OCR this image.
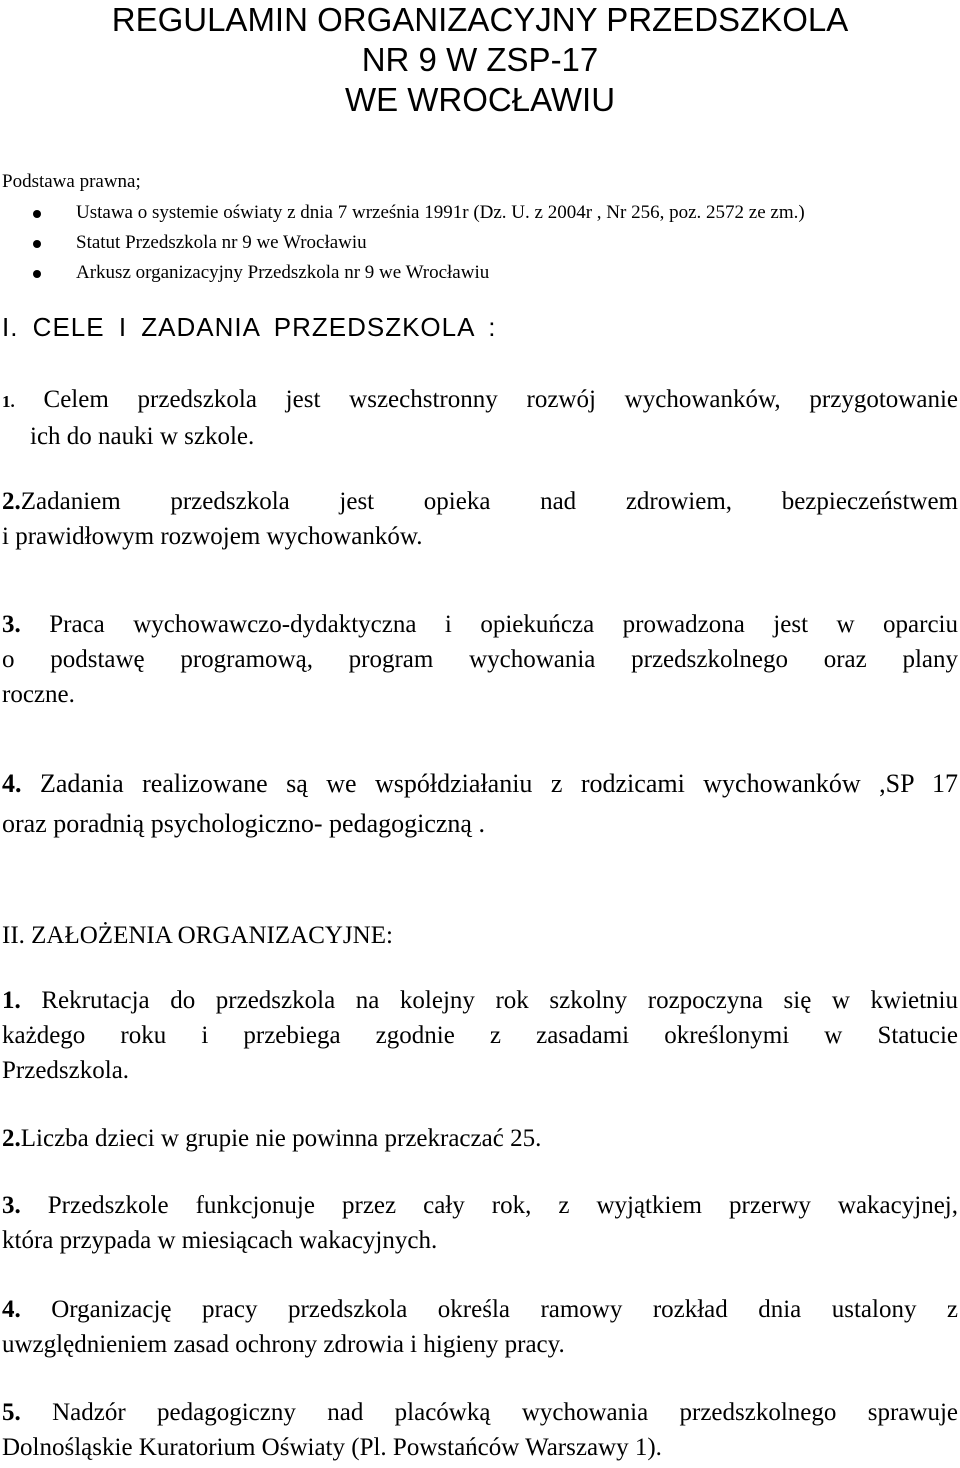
REGULAMIN ORGANIZACYJNY PRZEDSZKOLA
NR 9 W ZSP-17
WE WROCŁAWIU
Podstawa prawna;
Ustawa o systemie oświaty z dnia 7 września 1991r (Dz. U. z 2004r , Nr 256, poz. 2572 ze zm.)
Statut Przedszkola nr 9 we Wrocławiu
Arkusz organizacyjny Przedszkola nr 9 we Wrocławiu
I. CELE I ZADANIA PRZEDSZKOLA :
1. Celem przedszkola jest wszechstronny rozwój wychowanków, przygotowanie
ich do nauki w szkole.
2.Zadaniem przedszkola jest opieka nad zdrowiem, bezpieczeństwem
i prawidłowym rozwojem wychowanków.
3. Praca wychowawczo-dydaktyczna i opiekuńcza prowadzona jest w oparciu
o podstawę programową, program wychowania przedszkolnego oraz plany
roczne.
4. Zadania realizowane są we współdziałaniu z rodzicami wychowanków ,SP 17
oraz poradnią psychologiczno- pedagogiczną .
II. ZAŁOŻENIA ORGANIZACYJNE:
1. Rekrutacja do przedszkola na kolejny rok szkolny rozpoczyna się w kwietniu
każdego roku i przebiega zgodnie z zasadami określonymi w Statucie
Przedszkola.
2.Liczba dzieci w grupie nie powinna przekraczać 25.
3. Przedszkole funkcjonuje przez cały rok, z wyjątkiem przerwy wakacyjnej,
która przypada w miesiącach wakacyjnych.
4. Organizację pracy przedszkola określa ramowy rozkład dnia ustalony z
uwzględnieniem zasad ochrony zdrowia i higieny pracy.
5. Nadzór pedagogiczny nad placówką wychowania przedszkolnego sprawuje
Dolnośląskie Kuratorium Oświaty (Pl. Powstańców Warszawy 1).
